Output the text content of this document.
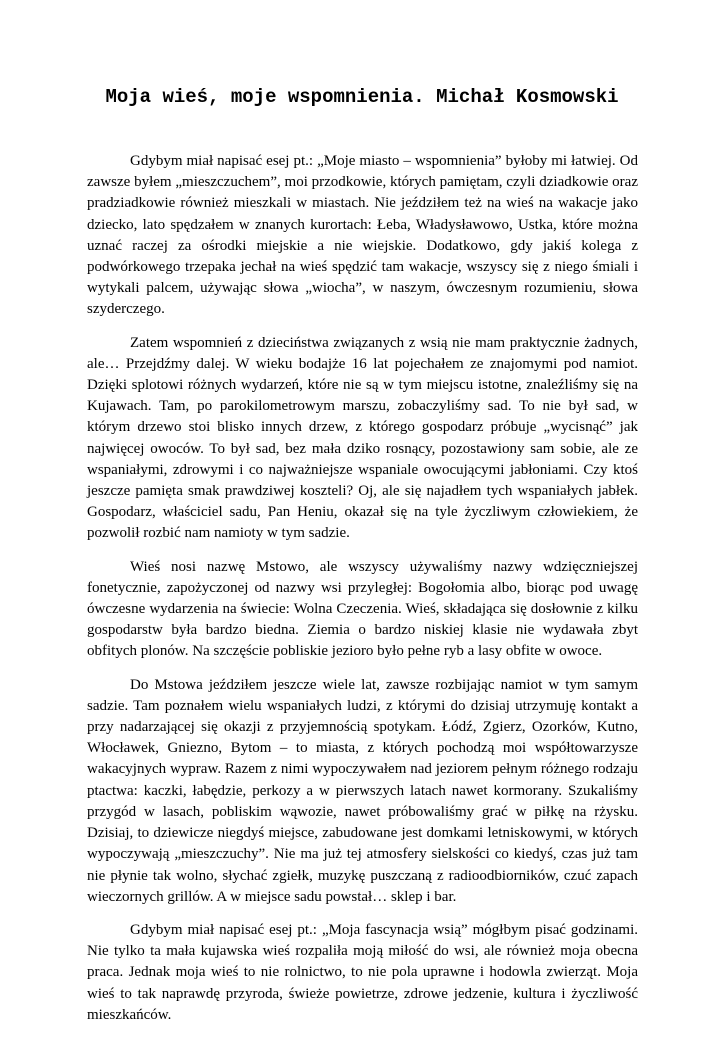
Moja wieś, moje wspomnienia. Michał Kosmowski

Gdybym miał napisać esej pt.: „Moje miasto – wspomnienia” byłoby mi łatwiej. Od zawsze byłem „mieszczuchem”, moi przodkowie, których pamiętam, czyli dziadkowie oraz pradziadkowie również mieszkali w miastach. Nie jeździłem też na wieś na wakacje jako dziecko, lato spędzałem w znanych kurortach: Łeba, Władysławowo, Ustka, które można uznać raczej za ośrodki miejskie a nie wiejskie. Dodatkowo, gdy jakiś kolega z podwórkowego trzepaka jechał na wieś spędzić tam wakacje, wszyscy się z niego śmiali i wytykali palcem, używając słowa „wiocha”, w naszym, ówczesnym rozumieniu, słowa szyderczego.

Zatem wspomnień z dzieciństwa związanych z wsią nie mam praktycznie żadnych, ale… Przejdźmy dalej. W wieku bodajże 16 lat pojechałem ze znajomymi pod namiot. Dzięki splotowi różnych wydarzeń, które nie są w tym miejscu istotne, znaleźliśmy się na Kujawach. Tam, po parokilometrowym marszu, zobaczyliśmy sad. To nie był sad, w którym drzewo stoi blisko innych drzew, z którego gospodarz próbuje „wycisnąć” jak najwięcej owoców. To był sad, bez mała dziko rosnący, pozostawiony sam sobie, ale ze wspaniałymi, zdrowymi i co najważniejsze wspaniale owocującymi jabłoniami. Czy ktoś jeszcze pamięta smak prawdziwej koszteli? Oj, ale się najadłem tych wspaniałych jabłek. Gospodarz, właściciel sadu, Pan Heniu, okazał się na tyle życzliwym człowiekiem, że pozwolił rozbić nam namioty w tym sadzie.

Wieś nosi nazwę Mstowo, ale wszyscy używaliśmy nazwy wdzięczniejszej fonetycznie, zapożyczonej od nazwy wsi przyległej: Bogołomia albo, biorąc pod uwagę ówczesne wydarzenia na świecie: Wolna Czeczenia. Wieś, składająca się dosłownie z kilku gospodarstw była bardzo biedna. Ziemia o bardzo niskiej klasie nie wydawała zbyt obfitych plonów. Na szczęście pobliskie jezioro było pełne ryb a lasy obfite w owoce.

Do Mstowa jeździłem jeszcze wiele lat, zawsze rozbijając namiot w tym samym sadzie. Tam poznałem wielu wspaniałych ludzi, z którymi do dzisiaj utrzymuję kontakt a przy nadarzającej się okazji z przyjemnością spotykam. Łódź, Zgierz, Ozorków, Kutno, Włocławek, Gniezno, Bytom – to miasta, z których pochodzą moi współtowarzysze wakacyjnych wypraw. Razem z nimi wypoczywałem nad jeziorem pełnym różnego rodzaju ptactwa: kaczki, łabędzie, perkozy a w pierwszych latach nawet kormorany. Szukaliśmy przygód w lasach, pobliskim wąwozie, nawet próbowaliśmy grać w piłkę na rżysku. Dzisiaj, to dziewicze niegdyś miejsce, zabudowane jest domkami letniskowymi, w których wypoczywają „mieszczuchy”. Nie ma już tej atmosfery sielskości co kiedyś, czas już tam nie płynie tak wolno, słychać zgiełk, muzykę puszczaną z radioodbiorników, czuć zapach wieczornych grillów. A w miejsce sadu powstał… sklep i bar.

Gdybym miał napisać esej pt.: „Moja fascynacja wsią” mógłbym pisać godzinami. Nie tylko ta mała kujawska wieś rozpaliła moją miłość do wsi, ale również moja obecna praca. Jednak moja wieś to nie rolnictwo, to nie pola uprawne i hodowla zwierząt. Moja wieś to tak naprawdę przyroda, świeże powietrze, zdrowe jedzenie, kultura i życzliwość mieszkańców.
